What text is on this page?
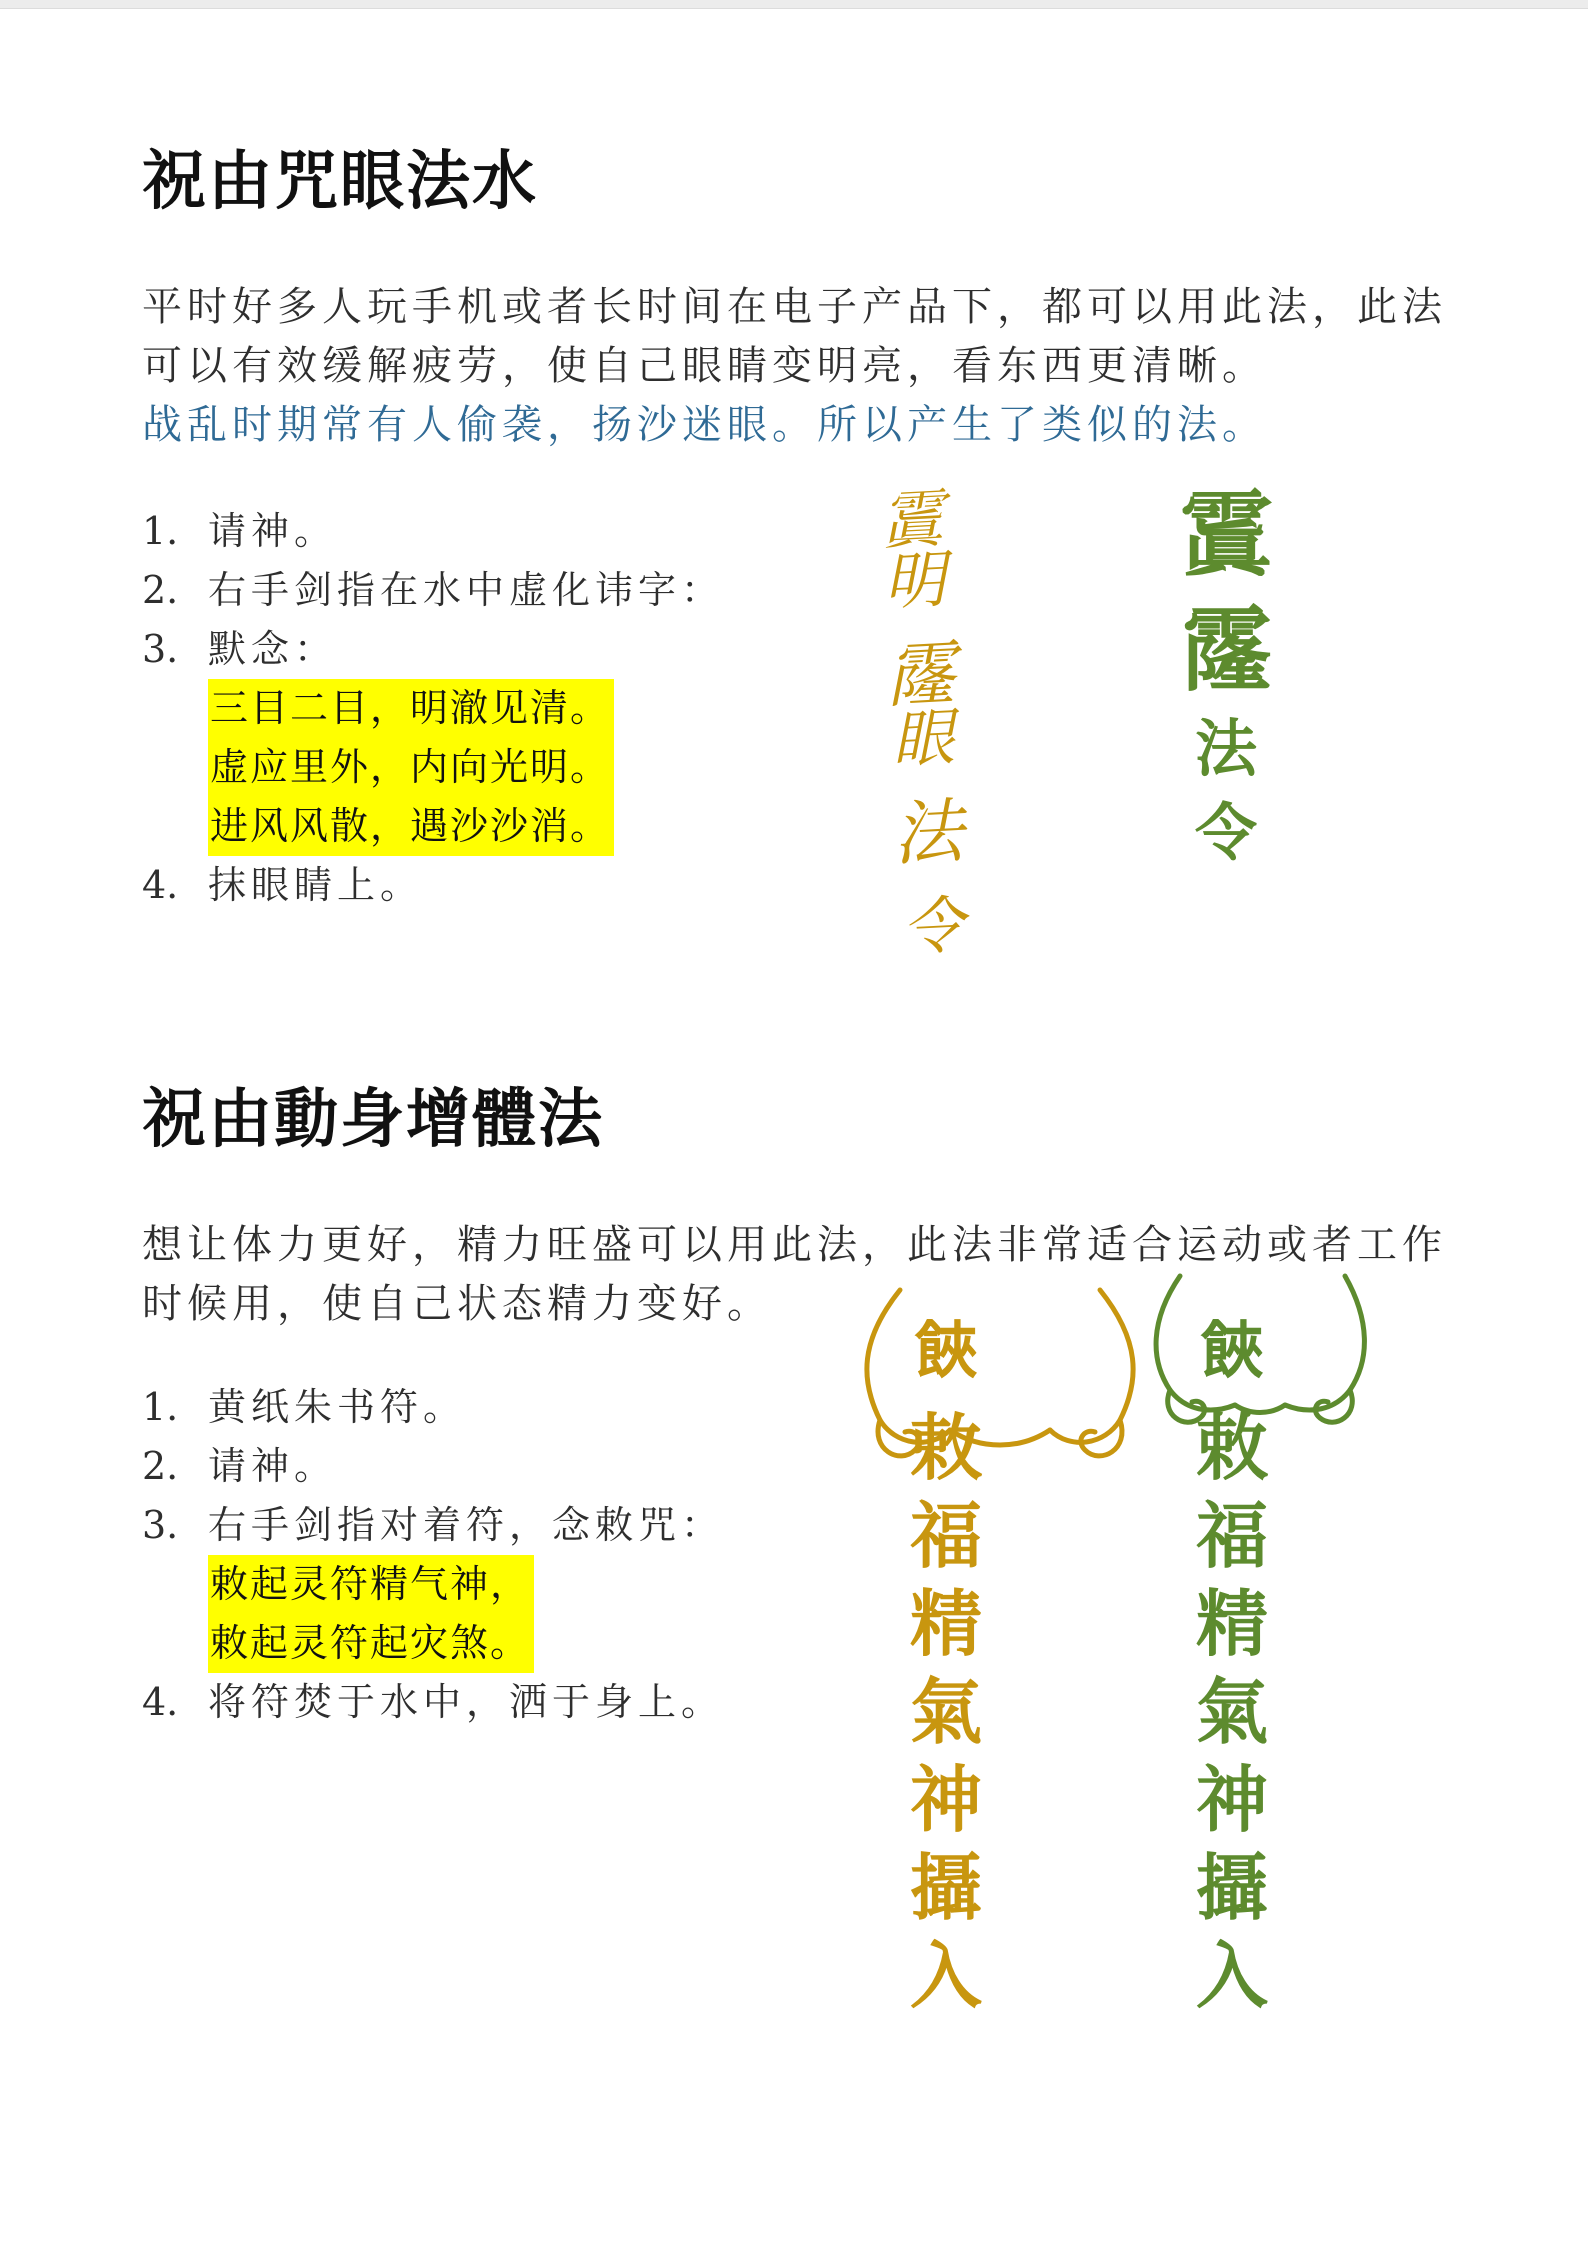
祝由咒眼法水
平时好多人玩手机或者长时间在电子产品下，都可以用此法，此法
可以有效缓解疲劳，使自己眼睛变明亮，看东西更清晰。
战乱时期常有人偷袭，扬沙迷眼。所以产生了类似的法。
1. 请神。
2. 右手剑指在水中虚化讳字：
3. 默念：
三目二目，明澈见清。
虚应里外，内向光明。
进风风散，遇沙沙消。
4. 抹眼睛上。
𩄚
明
霳
眼
法
令
𩄚
霳
法
令
祝由動身增體法
想让体力更好，精力旺盛可以用此法，此法非常适合运动或者工作
时候用，使自己状态精力变好。
1. 黄纸朱书符。
2. 请神。
3. 右手剑指对着符，念敕咒：
敕起灵符精气神，
敕起灵符起灾煞。
4. 将符焚于水中，洒于身上。
𩛩
敕
福
精
氣
神
攝
入
𩛩
敕
福
精
氣
神
攝
入
